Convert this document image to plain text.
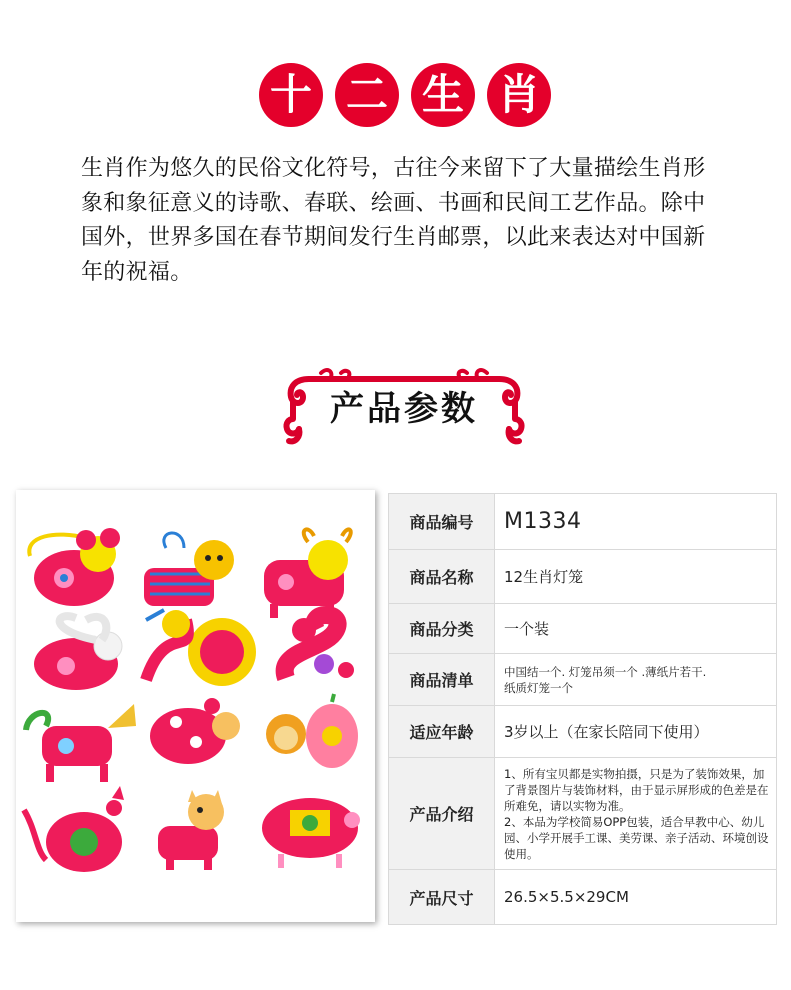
十 二 生 肖

生肖作为悠久的民俗文化符号，古往今来留下了大量描绘生肖形象和象征意义的诗歌、春联、绘画、书画和民间工艺作品。除中国外，世界多国在春节期间发行生肖邮票，以此来表达对中国新年的祝福。

产品参数
商品编号	M1334
商品名称	12生肖灯笼
商品分类	一个装
商品清单	中国结一个. 灯笼吊须一个 .薄纸片若干.
纸质灯笼一个
适应年龄	3岁以上（在家长陪同下使用）
产品介绍	1、所有宝贝都是实物拍摄，只是为了装饰效果，加了背景图片与装饰材料，由于显示屏形成的色差是在所难免，请以实物为准。
2、本品为学校简易OPP包装，适合早教中心、幼儿园、小学开展手工课、美劳课、亲子活动、环境创设使用。
产品尺寸	26.5×5.5×29CM
